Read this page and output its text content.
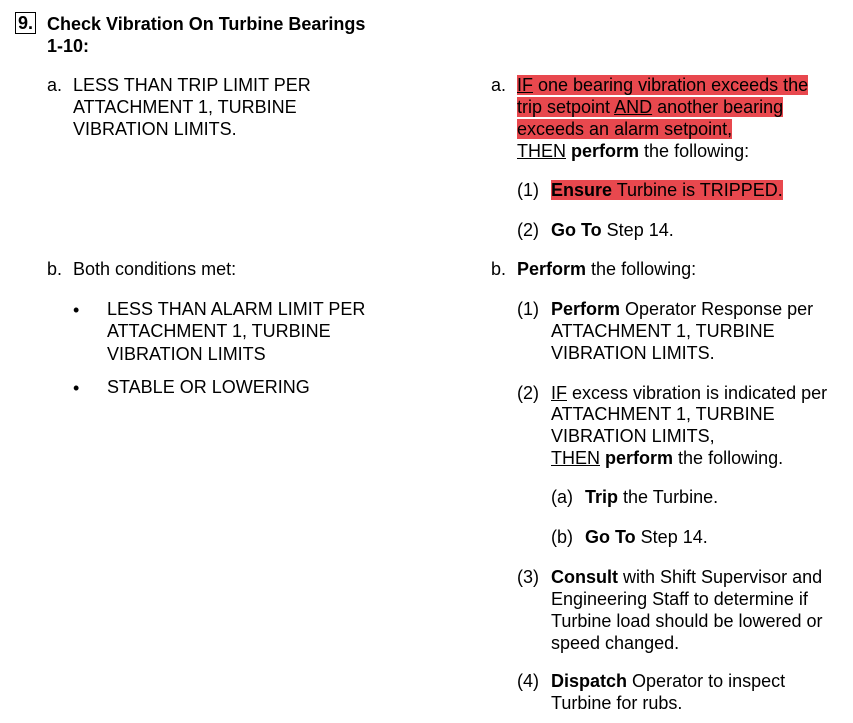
9. Check Vibration On Turbine Bearings
1-10:
a. LESS THAN TRIP LIMIT PER
ATTACHMENT 1, TURBINE
VIBRATION LIMITS.
b. Both conditions met:
• LESS THAN ALARM LIMIT PER
ATTACHMENT 1, TURBINE
VIBRATION LIMITS
• STABLE OR LOWERING
a. IF one bearing vibration exceeds the
trip setpoint AND another bearing
exceeds an alarm setpoint,
THEN perform the following:
(1) Ensure Turbine is TRIPPED.
(2) Go To Step 14.
b. Perform the following:
(1) Perform Operator Response per
ATTACHMENT 1, TURBINE
VIBRATION LIMITS.
(2) IF excess vibration is indicated per
ATTACHMENT 1, TURBINE
VIBRATION LIMITS,
THEN perform the following.
(a) Trip the Turbine.
(b) Go To Step 14.
(3) Consult with Shift Supervisor and
Engineering Staff to determine if
Turbine load should be lowered or
speed changed.
(4) Dispatch Operator to inspect
Turbine for rubs.
